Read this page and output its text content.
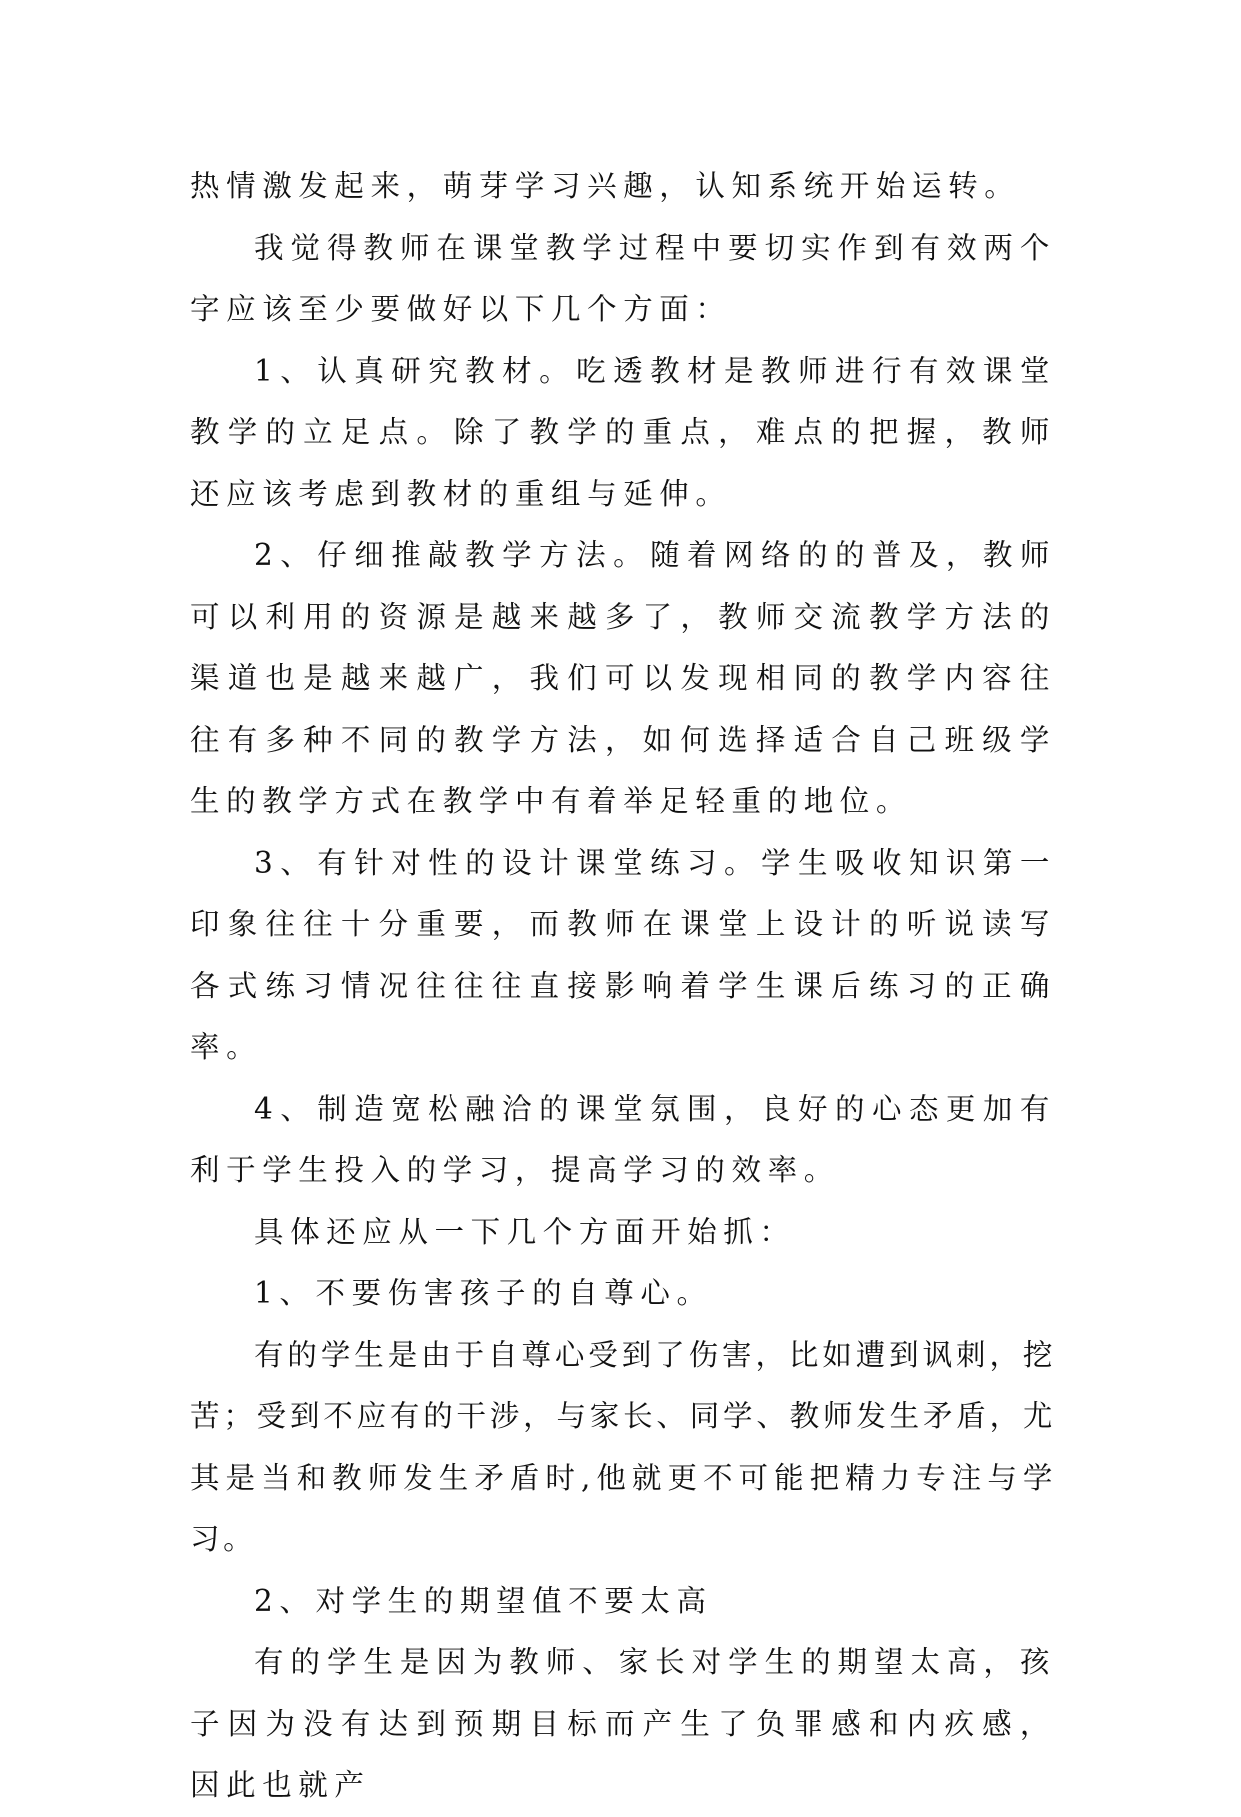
热情激发起来，萌芽学习兴趣，认知系统开始运转。

我觉得教师在课堂教学过程中要切实作到有效两个字应该至少要做好以下几个方面：

1、认真研究教材。吃透教材是教师进行有效课堂教学的立足点。除了教学的重点，难点的把握，教师还应该考虑到教材的重组与延伸。

2、仔细推敲教学方法。随着网络的的普及，教师可以利用的资源是越来越多了，教师交流教学方法的渠道也是越来越广，我们可以发现相同的教学内容往往有多种不同的教学方法，如何选择适合自己班级学生的教学方式在教学中有着举足轻重的地位。

3、有针对性的设计课堂练习。学生吸收知识第一印象往往十分重要，而教师在课堂上设计的听说读写各式练习情况往往往直接影响着学生课后练习的正确率。

4、制造宽松融洽的课堂氛围，良好的心态更加有利于学生投入的学习，提高学习的效率。

具体还应从一下几个方面开始抓：

1、不要伤害孩子的自尊心。

有的学生是由于自尊心受到了伤害，比如遭到讽刺，挖苦；受到不应有的干涉，与家长、同学、教师发生矛盾，尤其是当和教师发生矛盾时,他就更不可能把精力专注与学习。

2、对学生的期望值不要太高

有的学生是因为教师、家长对学生的期望太高，孩子因为没有达到预期目标而产生了负罪感和内疚感，因此也就产
